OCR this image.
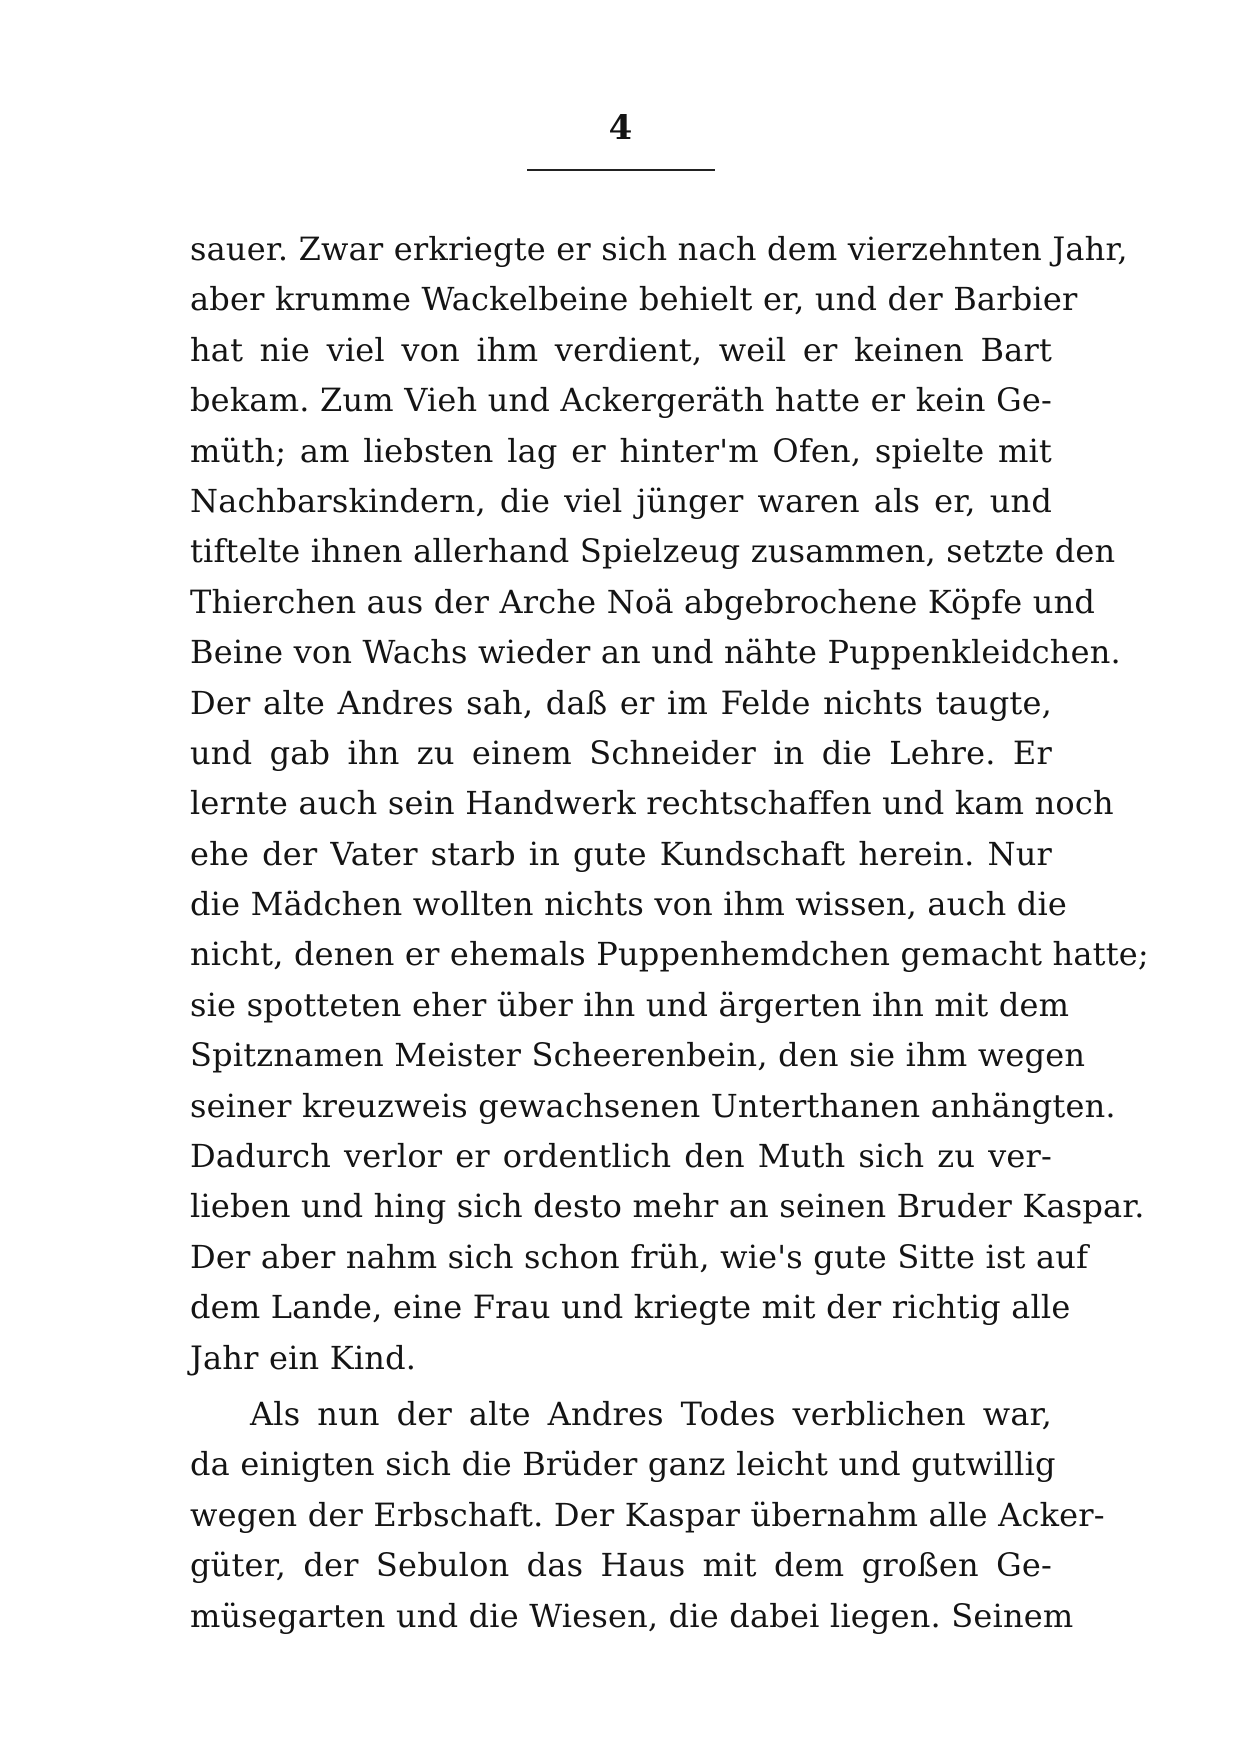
4
sauer. Zwar erkriegte er sich nach dem vierzehnten Jahr,
aber krumme Wackelbeine behielt er, und der Barbier
hat nie viel von ihm verdient, weil er keinen Bart
bekam. Zum Vieh und Ackergeräth hatte er kein Ge-
müth; am liebsten lag er hinter'm Ofen, spielte mit
Nachbarskindern, die viel jünger waren als er, und
tiftelte ihnen allerhand Spielzeug zusammen, setzte den
Thierchen aus der Arche Noä abgebrochene Köpfe und
Beine von Wachs wieder an und nähte Puppenkleidchen.
Der alte Andres sah, daß er im Felde nichts taugte,
und gab ihn zu einem Schneider in die Lehre. Er
lernte auch sein Handwerk rechtschaffen und kam noch
ehe der Vater starb in gute Kundschaft herein. Nur
die Mädchen wollten nichts von ihm wissen, auch die
nicht, denen er ehemals Puppenhemdchen gemacht hatte;
sie spotteten eher über ihn und ärgerten ihn mit dem
Spitznamen Meister Scheerenbein, den sie ihm wegen
seiner kreuzweis gewachsenen Unterthanen anhängten.
Dadurch verlor er ordentlich den Muth sich zu ver-
lieben und hing sich desto mehr an seinen Bruder Kaspar.
Der aber nahm sich schon früh, wie's gute Sitte ist auf
dem Lande, eine Frau und kriegte mit der richtig alle
Jahr ein Kind.
Als nun der alte Andres Todes verblichen war,
da einigten sich die Brüder ganz leicht und gutwillig
wegen der Erbschaft. Der Kaspar übernahm alle Acker-
güter, der Sebulon das Haus mit dem großen Ge-
müsegarten und die Wiesen, die dabei liegen. Seinem
